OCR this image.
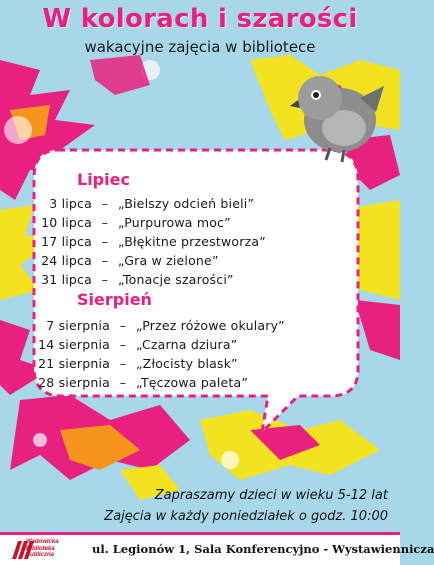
W kolorach i szarości
wakacyjne zajęcia w bibliotece
Lipiec
3 lipca – „Bielszy odcień bieli”
10 lipca – „Purpurowa moc”
17 lipca – „Błękitne przestworza”
24 lipca – „Gra w zielone”
31 lipca – „Tonacje szarości”
Sierpień
7 sierpnia – „Przez różowe okulary”
14 sierpnia – „Czarna dziura”
21 sierpnia – „Złocisty blask”
28 sierpnia – „Tęczowa paleta”
Zapraszamy dzieci w wieku 5-12 lat
Zajęcia w każdy poniedziałek o godz. 10:00
Wadowicka
Biblioteka
Publiczna	ul. Legionów 1, Sala Konferencyjno - Wystawiennicza
